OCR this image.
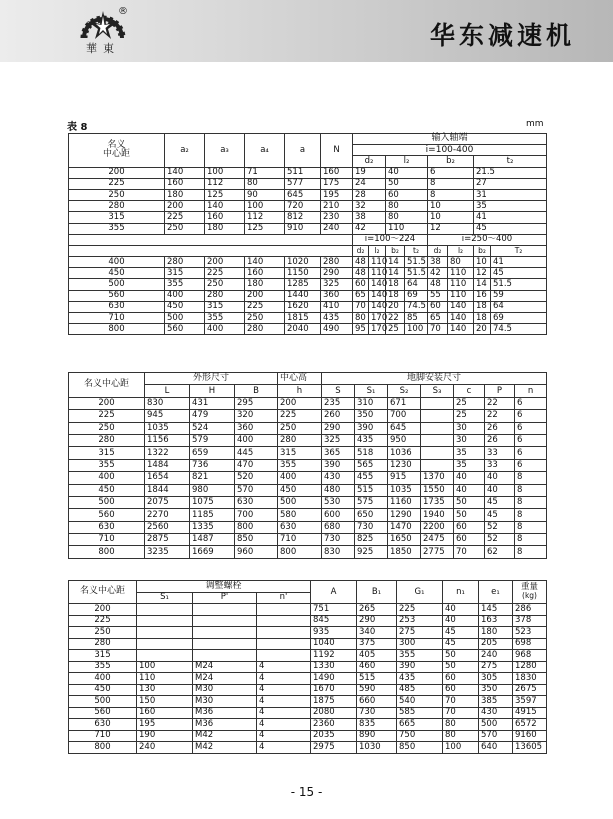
華東
®
华东减速机
表 8	mm
名义
中心距	a₂	a₃	a₄	a	N	输入轴端							
						i=100-400							
						d₂		l₂		b₂		t₂	
200	140	100	71	511	160	19		40		6		21.5	
225	160	112	80	577	175	24		50		8		27	
250	180	125	90	645	195	28		60		8		31	
280	200	140	100	720	210	32		80		10		35	
315	225	160	112	812	230	38		80		10		41	
355	250	180	125	910	240	42		110		12		45	
						i=100～224				i=250～400			
						d₂	l₂	b₂	t₂	d₂	l₂	b₂	T₂
400	280	200	140	1020	280	48	110	14	51.5	38	80	10	41
450	315	225	160	1150	290	48	110	14	51.5	42	110	12	45
500	355	250	180	1285	325	60	140	18	64	48	110	14	51.5
560	400	280	200	1440	360	65	140	18	69	55	110	16	59
630	450	315	225	1620	410	70	140	20	74.5	60	140	18	64
710	500	355	250	1815	435	80	170	22	85	65	140	18	69
800	560	400	280	2040	490	95	170	25	100	70	140	20	74.5
名义中心距	外形尺寸			中心高	地脚安装尺寸						
	L	H	B	h	S	S₁	S₂	S₃	c	P	n
200	830	431	295	200	235	310	671		25	22	6
225	945	479	320	225	260	350	700		25	22	6
250	1035	524	360	250	290	390	645		30	26	6
280	1156	579	400	280	325	435	950		30	26	6
315	1322	659	445	315	365	518	1036		35	33	6
355	1484	736	470	355	390	565	1230		35	33	6
400	1654	821	520	400	430	455	915	1370	40	40	8
450	1844	980	570	450	480	515	1035	1550	40	40	8
500	2075	1075	630	500	530	575	1160	1735	50	45	8
560	2270	1185	700	580	600	650	1290	1940	50	45	8
630	2560	1335	800	630	680	730	1470	2200	60	52	8
710	2875	1487	850	710	730	825	1650	2475	60	52	8
800	3235	1669	960	800	830	925	1850	2775	70	62	8
名义中心距	调整螺栓			A	B₁	G₁	n₁	e₁	重量
(kg)
	S₁	P'	n'						
200				751	265	225	40	145	286
225				845	290	253	40	163	378
250				935	340	275	45	180	523
280				1040	375	300	45	205	698
315				1192	405	355	50	240	968
355	100	M24	4	1330	460	390	50	275	1280
400	110	M24	4	1490	515	435	60	305	1830
450	130	M30	4	1670	590	485	60	350	2675
500	150	M30	4	1875	660	540	70	385	3597
560	160	M36	4	2080	730	585	70	430	4915
630	195	M36	4	2360	835	665	80	500	6572
710	190	M42	4	2035	890	750	80	570	9160
800	240	M42	4	2975	1030	850	100	640	13605
- 15 -
